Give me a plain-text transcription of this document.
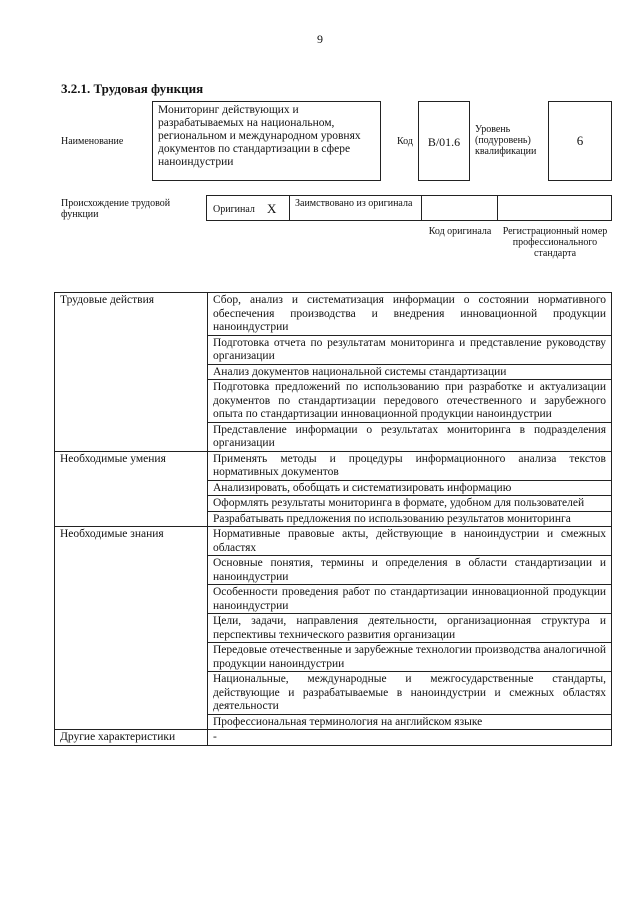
9
3.2.1. Трудовая функция
Наименование
Мониторинг действующих и разрабатываемых на национальном, региональном и международном уровнях документов по стандартизации в сфере наноиндустрии
Код	B/01.6
Уровень (подуровень) квалификации
6
Происхождение трудовой функции	Оригинал X Заимствовано из оригинала
Код оригинала	Регистрационный номер профессионального стандарта
Трудовые действия	Сбор, анализ и систематизация информации о состоянии нормативного обеспечения производства и внедрения инновационной продукции наноиндустрии
	Подготовка отчета по результатам мониторинга и представление руководству организации
	Анализ документов национальной системы стандартизации
	Подготовка предложений по использованию при разработке и актуализации документов по стандартизации передового отечественного и зарубежного опыта по стандартизации инновационной продукции наноиндустрии
	Представление информации о результатах мониторинга в подразделения организации
Необходимые умения	Применять методы и процедуры информационного анализа текстов нормативных документов
	Анализировать, обобщать и систематизировать информацию
	Оформлять результаты мониторинга в формате, удобном для пользователей
	Разрабатывать предложения по использованию результатов мониторинга
Необходимые знания	Нормативные правовые акты, действующие в наноиндустрии и смежных областях
	Основные понятия, термины и определения в области стандартизации и наноиндустрии
	Особенности проведения работ по стандартизации инновационной продукции наноиндустрии
	Цели, задачи, направления деятельности, организационная структура и перспективы технического развития организации
	Передовые отечественные и зарубежные технологии производства аналогичной продукции наноиндустрии
	Национальные, международные и межгосударственные стандарты, действующие и разрабатываемые в наноиндустрии и смежных областях деятельности
	Профессиональная терминология на английском языке
Другие характеристики	-
